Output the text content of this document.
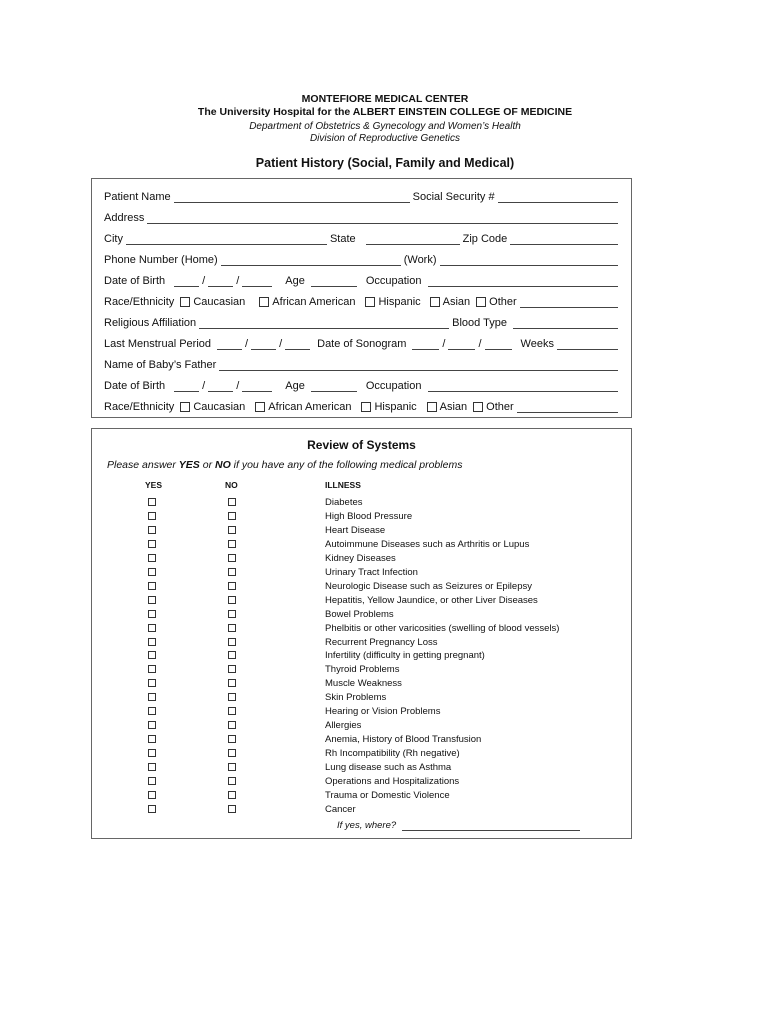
MONTEFIORE MEDICAL CENTER
The University Hospital for the ALBERT EINSTEIN COLLEGE OF MEDICINE
Department of Obstetrics & Gynecology and Women’s Health
Division of Reproductive Genetics
Patient History (Social, Family and Medical)
Patient Name	Social Security #
Address
City	State	Zip Code
Phone Number (Home)	(Work)
Date of Birth	/	/	Age	Occupation
Race/Ethnicity Caucasian African American Hispanic Asian Other
Religious Affiliation	Blood Type
Last Menstrual Period	/	/	Date of Sonogram	/	/	Weeks
Name of Baby’s Father
Date of Birth	/	/	Age	Occupation
Race/Ethnicity Caucasian African American Hispanic Asian Other
Review of Systems
Please answer YES or NO if you have any of the following medical problems
YES	NO	ILLNESS
Diabetes
High Blood Pressure
Heart Disease
Autoimmune Diseases such as Arthritis or Lupus
Kidney Diseases
Urinary Tract Infection
Neurologic Disease such as Seizures or Epilepsy
Hepatitis, Yellow Jaundice, or other Liver Diseases
Bowel Problems
Phelbitis or other varicosities (swelling of blood vessels)
Recurrent Pregnancy Loss
Infertility (difficulty in getting pregnant)
Thyroid Problems
Muscle Weakness
Skin Problems
Hearing or Vision Problems
Allergies
Anemia, History of Blood Transfusion
Rh Incompatibility (Rh negative)
Lung disease such as Asthma
Operations and Hospitalizations
Trauma or Domestic Violence
Cancer
If yes, where?
